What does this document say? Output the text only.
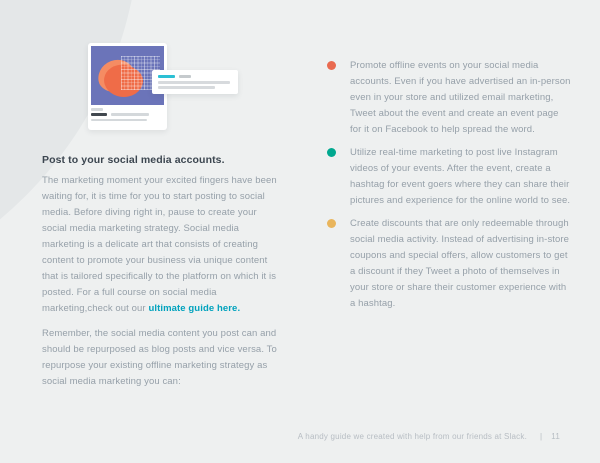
Post to your social media accounts.

The marketing moment your excited fingers have been waiting for, it is time for you to start posting to social media. Before diving right in, pause to create your social media marketing strategy. Social media marketing is a delicate art that consists of creating content to promote your business via unique content that is tailored specifically to the platform on which it is posted. For a full course on social media marketing,check out our ultimate guide here.

Remember, the social media content you post can and should be repurposed as blog posts and vice versa. To repurpose your existing offline marketing strategy as social media marketing you can:

Promote offline events on your social media accounts. Even if you have advertised an in-person even in your store and utilized email marketing, Tweet about the event and create an event page for it on Facebook to help spread the word.
Utilize real-time marketing to post live Instagram videos of your events. After the event, create a hashtag for event goers where they can share their pictures and experience for the online world to see.
Create discounts that are only redeemable through social media activity. Instead of advertising in-store coupons and special offers, allow customers to get a discount if they Tweet a photo of themselves in your store or share their customer experience with a hashtag.
A handy guide we created with help from our friends at Slack. | 11
